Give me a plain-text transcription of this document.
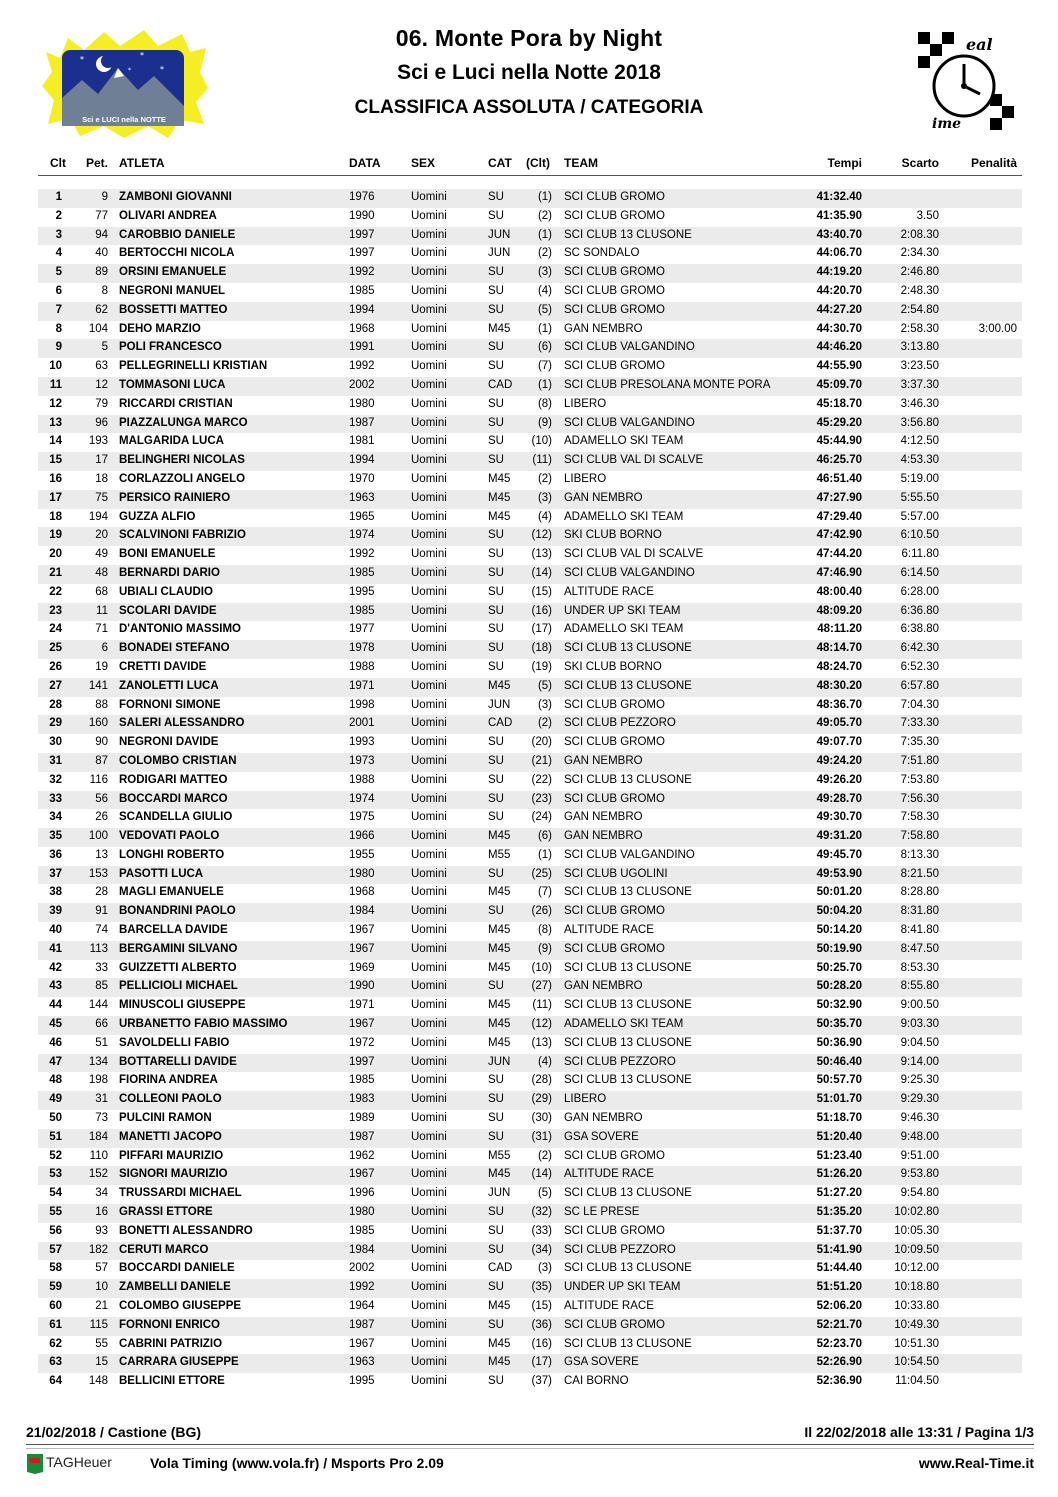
*	*
*
*
Sci e LUCI nella NOTTE
eal
ime
06. Monte Pora by Night
Sci e Luci nella Notte 2018
CLASSIFICA ASSOLUTA / CATEGORIA
Clt	Pet. ATLETA	DATA	SEX	CAT (Clt) TEAM	Tempi	Scarto	Penalità
1	9 ZAMBONI GIOVANNI	1976	Uomini	SU	(1) SCI CLUB GROMO	41:32.40
2	77 OLIVARI ANDREA	1990	Uomini	SU	(2) SCI CLUB GROMO	41:35.90	3.50
3	94 CAROBBIO DANIELE	1997	Uomini	JUN	(1) SCI CLUB 13 CLUSONE	43:40.70	2:08.30
4	40 BERTOCCHI NICOLA	1997	Uomini	JUN	(2) SC SONDALO	44:06.70	2:34.30
5	89 ORSINI EMANUELE	1992	Uomini	SU	(3) SCI CLUB GROMO	44:19.20	2:46.80
6	8 NEGRONI MANUEL	1985	Uomini	SU	(4) SCI CLUB GROMO	44:20.70	2:48.30
7	62 BOSSETTI MATTEO	1994	Uomini	SU	(5) SCI CLUB GROMO	44:27.20	2:54.80
8	104 DEHO MARZIO	1968	Uomini	M45	(1) GAN NEMBRO	44:30.70	2:58.30	3:00.00
9	5 POLI FRANCESCO	1991	Uomini	SU	(6) SCI CLUB VALGANDINO	44:46.20	3:13.80
10	63 PELLEGRINELLI KRISTIAN	1992	Uomini	SU	(7) SCI CLUB GROMO	44:55.90	3:23.50
11	12 TOMMASONI LUCA	2002	Uomini	CAD	(1) SCI CLUB PRESOLANA MONTE PORA	45:09.70	3:37.30
12	79 RICCARDI CRISTIAN	1980	Uomini	SU	(8) LIBERO	45:18.70	3:46.30
13	96 PIAZZALUNGA MARCO	1987	Uomini	SU	(9) SCI CLUB VALGANDINO	45:29.20	3:56.80
14	193 MALGARIDA LUCA	1981	Uomini	SU	(10) ADAMELLO SKI TEAM	45:44.90	4:12.50
15	17 BELINGHERI NICOLAS	1994	Uomini	SU	(11) SCI CLUB VAL DI SCALVE	46:25.70	4:53.30
16	18 CORLAZZOLI ANGELO	1970	Uomini	M45	(2) LIBERO	46:51.40	5:19.00
17	75 PERSICO RAINIERO	1963	Uomini	M45	(3) GAN NEMBRO	47:27.90	5:55.50
18	194 GUZZA ALFIO	1965	Uomini	M45	(4) ADAMELLO SKI TEAM	47:29.40	5:57.00
19	20 SCALVINONI FABRIZIO	1974	Uomini	SU	(12) SKI CLUB BORNO	47:42.90	6:10.50
20	49 BONI EMANUELE	1992	Uomini	SU	(13) SCI CLUB VAL DI SCALVE	47:44.20	6:11.80
21	48 BERNARDI DARIO	1985	Uomini	SU	(14) SCI CLUB VALGANDINO	47:46.90	6:14.50
22	68 UBIALI CLAUDIO	1995	Uomini	SU	(15) ALTITUDE RACE	48:00.40	6:28.00
23	11 SCOLARI DAVIDE	1985	Uomini	SU	(16) UNDER UP SKI TEAM	48:09.20	6:36.80
24	71 D'ANTONIO MASSIMO	1977	Uomini	SU	(17) ADAMELLO SKI TEAM	48:11.20	6:38.80
25	6 BONADEI STEFANO	1978	Uomini	SU	(18) SCI CLUB 13 CLUSONE	48:14.70	6:42.30
26	19 CRETTI DAVIDE	1988	Uomini	SU	(19) SKI CLUB BORNO	48:24.70	6:52.30
27	141 ZANOLETTI LUCA	1971	Uomini	M45	(5) SCI CLUB 13 CLUSONE	48:30.20	6:57.80
28	88 FORNONI SIMONE	1998	Uomini	JUN	(3) SCI CLUB GROMO	48:36.70	7:04.30
29	160 SALERI ALESSANDRO	2001	Uomini	CAD	(2) SCI CLUB PEZZORO	49:05.70	7:33.30
30	90 NEGRONI DAVIDE	1993	Uomini	SU	(20) SCI CLUB GROMO	49:07.70	7:35.30
31	87 COLOMBO CRISTIAN	1973	Uomini	SU	(21) GAN NEMBRO	49:24.20	7:51.80
32	116 RODIGARI MATTEO	1988	Uomini	SU	(22) SCI CLUB 13 CLUSONE	49:26.20	7:53.80
33	56 BOCCARDI MARCO	1974	Uomini	SU	(23) SCI CLUB GROMO	49:28.70	7:56.30
34	26 SCANDELLA GIULIO	1975	Uomini	SU	(24) GAN NEMBRO	49:30.70	7:58.30
35	100 VEDOVATI PAOLO	1966	Uomini	M45	(6) GAN NEMBRO	49:31.20	7:58.80
36	13 LONGHI ROBERTO	1955	Uomini	M55	(1) SCI CLUB VALGANDINO	49:45.70	8:13.30
37	153 PASOTTI LUCA	1980	Uomini	SU	(25) SCI CLUB UGOLINI	49:53.90	8:21.50
38	28 MAGLI EMANUELE	1968	Uomini	M45	(7) SCI CLUB 13 CLUSONE	50:01.20	8:28.80
39	91 BONANDRINI PAOLO	1984	Uomini	SU	(26) SCI CLUB GROMO	50:04.20	8:31.80
40	74 BARCELLA DAVIDE	1967	Uomini	M45	(8) ALTITUDE RACE	50:14.20	8:41.80
41	113 BERGAMINI SILVANO	1967	Uomini	M45	(9) SCI CLUB GROMO	50:19.90	8:47.50
42	33 GUIZZETTI ALBERTO	1969	Uomini	M45	(10) SCI CLUB 13 CLUSONE	50:25.70	8:53.30
43	85 PELLICIOLI MICHAEL	1990	Uomini	SU	(27) GAN NEMBRO	50:28.20	8:55.80
44	144 MINUSCOLI GIUSEPPE	1971	Uomini	M45	(11) SCI CLUB 13 CLUSONE	50:32.90	9:00.50
45	66 URBANETTO FABIO MASSIMO	1967	Uomini	M45	(12) ADAMELLO SKI TEAM	50:35.70	9:03.30
46	51 SAVOLDELLI FABIO	1972	Uomini	M45	(13) SCI CLUB 13 CLUSONE	50:36.90	9:04.50
47	134 BOTTARELLI DAVIDE	1997	Uomini	JUN	(4) SCI CLUB PEZZORO	50:46.40	9:14.00
48	198 FIORINA ANDREA	1985	Uomini	SU	(28) SCI CLUB 13 CLUSONE	50:57.70	9:25.30
49	31 COLLEONI PAOLO	1983	Uomini	SU	(29) LIBERO	51:01.70	9:29.30
50	73 PULCINI RAMON	1989	Uomini	SU	(30) GAN NEMBRO	51:18.70	9:46.30
51	184 MANETTI JACOPO	1987	Uomini	SU	(31) GSA SOVERE	51:20.40	9:48.00
52	110 PIFFARI MAURIZIO	1962	Uomini	M55	(2) SCI CLUB GROMO	51:23.40	9:51.00
53	152 SIGNORI MAURIZIO	1967	Uomini	M45	(14) ALTITUDE RACE	51:26.20	9:53.80
54	34 TRUSSARDI MICHAEL	1996	Uomini	JUN	(5) SCI CLUB 13 CLUSONE	51:27.20	9:54.80
55	16 GRASSI ETTORE	1980	Uomini	SU	(32) SC LE PRESE	51:35.20	10:02.80
56	93 BONETTI ALESSANDRO	1985	Uomini	SU	(33) SCI CLUB GROMO	51:37.70	10:05.30
57	182 CERUTI MARCO	1984	Uomini	SU	(34) SCI CLUB PEZZORO	51:41.90	10:09.50
58	57 BOCCARDI DANIELE	2002	Uomini	CAD	(3) SCI CLUB 13 CLUSONE	51:44.40	10:12.00
59	10 ZAMBELLI DANIELE	1992	Uomini	SU	(35) UNDER UP SKI TEAM	51:51.20	10:18.80
60	21 COLOMBO GIUSEPPE	1964	Uomini	M45	(15) ALTITUDE RACE	52:06.20	10:33.80
61	115 FORNONI ENRICO	1987	Uomini	SU	(36) SCI CLUB GROMO	52:21.70	10:49.30
62	55 CABRINI PATRIZIO	1967	Uomini	M45	(16) SCI CLUB 13 CLUSONE	52:23.70	10:51.30
63	15 CARRARA GIUSEPPE	1963	Uomini	M45	(17) GSA SOVERE	52:26.90	10:54.50
64	148 BELLICINI ETTORE	1995	Uomini	SU	(37) CAI BORNO	52:36.90	11:04.50
21/02/2018 / Castione (BG)	Il 22/02/2018 alle 13:31 / Pagina 1/3
TAGHeuer	Vola Timing (www.vola.fr) / Msports Pro 2.09	www.Real-Time.it
